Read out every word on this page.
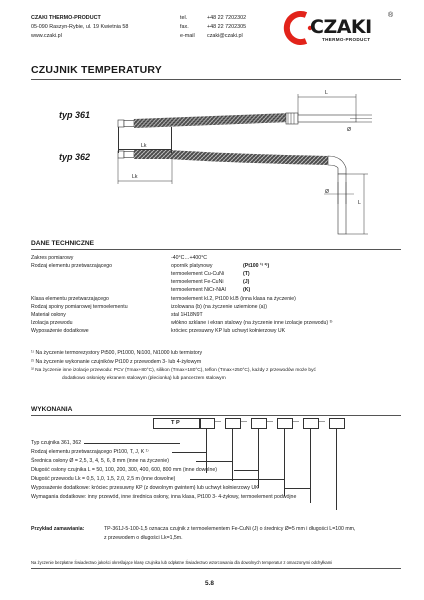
CZAKI THERMO-PRODUCT
05-090 Raszyn-Rybie, ul. 19 Kwietnia 58
www.czaki.pl
tel.	+48 22 7202302
fax.	+48 22 7202305
e-mail czaki@czaki.pl	CZAKI
THERMO-PRODUCT
®
CZUJNIK TEMPERATURY
typ 361
typ 362
L
Ø
Lk
Lk
Ø
L
DANE TECHNICZNE
Zakres pomiarowy	-40°C…+400°C
Rodzaj elementu przetwarzającego	opornik platynowy	(Pt100 ¹⁾ ²⁾)
termoelement Cu-CuNi	(T)
termoelement Fe-CuNi	(J)
termoelement NiCr-NiAl	(K)
Klasa elementu przetwarzającego	termoelement kl.2, Pt100 kl.B (inna klasa na życzenie)
Rodzaj spoiny pomiarowej termoelementu	izolowana (b) (na życzenie uziemione (a))
Materiał osłony	stal 1H18N9T
Izolacja przewodu	włókno szklane i ekran stalowy (na życzenie inne izolacje przewodu) ³⁾
Wyposażenie dodatkowe	króciec przesuwny KP lub uchwyt kołnierzowy UK
¹⁾ Na życzenie termorezystory Pt500, Pt1000, Ni100, Ni1000 lub termistory
²⁾ Na życzenie wykonanie czujników Pt100 z przewodem 3- lub 4-żyłowym
³⁾ Na życzenie inne izolacje przewodu: PCV (Tmax+80°C), silikon (Tmax+180°C), teflon (Tmax+250°C), każdy z przewodów może być
dodatkowo osłonięty ekranem stalowym (plecionką) lub pancerzem stalowym
WYKONANIA
T P	—	—	—	—	—
Typ czujnika 361, 362
Rodzaj elementu przetwarzającego Pt100, T, J, K ¹⁾
Średnica osłony Ø = 2,5, 3, 4, 5, 6, 8 mm (inne na życzenie)
Długość osłony czujnika L = 50, 100, 200, 300, 400, 600, 800 mm (inne dowolne)
Długość przewodu Lk = 0,5, 1,0, 1,5, 2,0, 2,5 m (inne dowolne)
Wyposażenie dodatkowe: króciec przesuwny KP (z dowolnym gwintem) lub uchwyt kołnierzowy UK
Wymagania dodatkowe: inny przewód, inne średnica osłony, inna klasa, Pt100 3- 4-żyłowy, termoelement podwójne
Przykład zamawiania:	TP-361J-5-100-1,5 oznacza czujnik z termoelementem Fe-CuNi (J) o średnicy Ø=5 mm i długości L=100 mm,
z przewodem o długości Lk=1,5m.
Na życzenie bezpłatne Świadectwo jakości określające klasę czujnika lub odpłatne Świadectwo wzorcowania dla dowolnych temperatur z omaczonymi odchyłkami
5.8
